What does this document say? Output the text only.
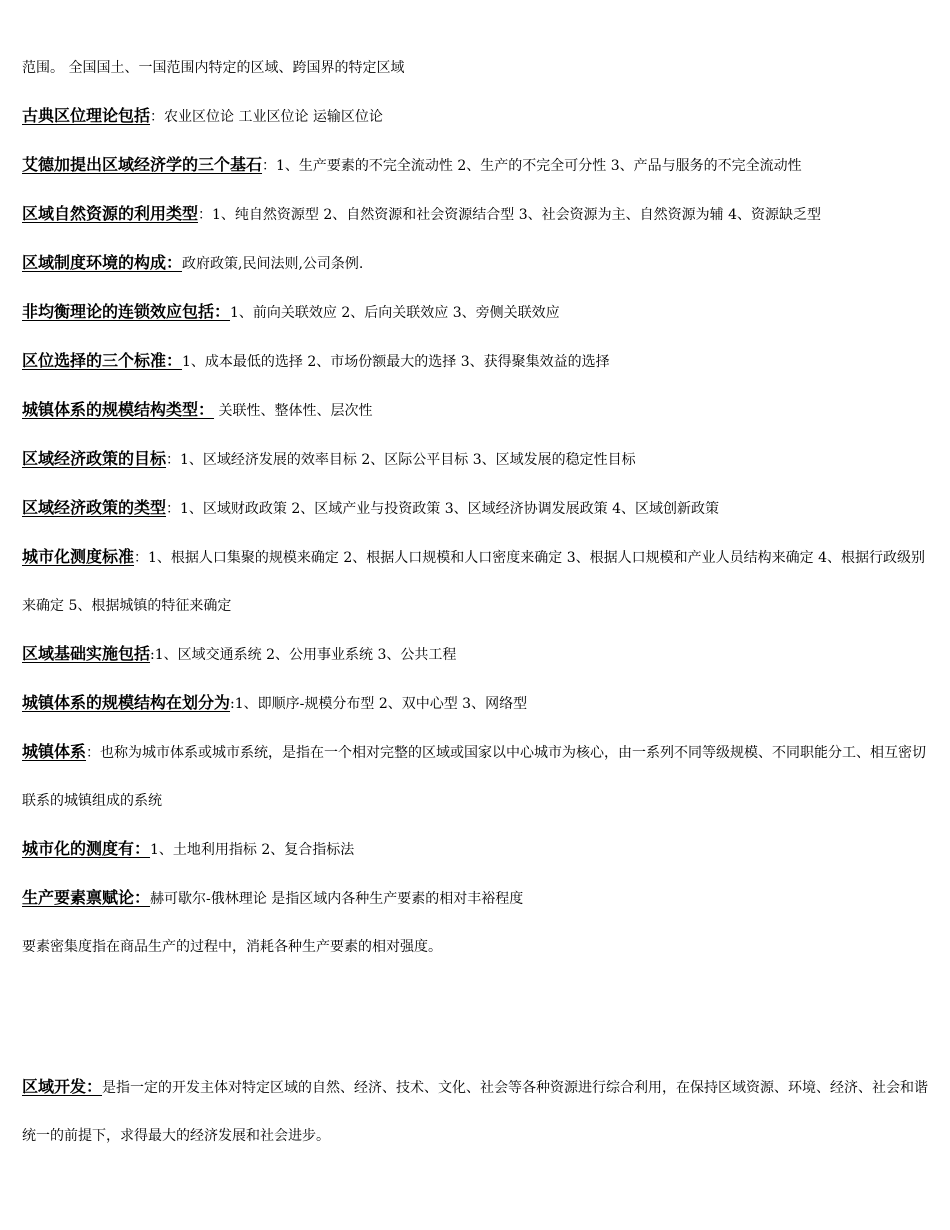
范围。 全国国土、一国范围内特定的区域、跨国界的特定区域

古典区位理论包括：农业区位论 工业区位论 运输区位论

艾德加提出区域经济学的三个基石：1、生产要素的不完全流动性 2、生产的不完全可分性 3、产品与服务的不完全流动性

区域自然资源的利用类型：1、纯自然资源型 2、自然资源和社会资源结合型 3、社会资源为主、自然资源为辅 4、资源缺乏型

区域制度环境的构成：政府政策,民间法则,公司条例.

非均衡理论的连锁效应包括：1、前向关联效应 2、后向关联效应 3、旁侧关联效应

区位选择的三个标准：1、成本最低的选择 2、市场份额最大的选择 3、获得聚集效益的选择

城镇体系的规模结构类型： 关联性、整体性、层次性

区域经济政策的目标：1、区域经济发展的效率目标 2、区际公平目标 3、区域发展的稳定性目标

区域经济政策的类型：1、区域财政政策 2、区域产业与投资政策 3、区域经济协调发展政策 4、区域创新政策

城市化测度标准：1、根据人口集聚的规模来确定 2、根据人口规模和人口密度来确定 3、根据人口规模和产业人员结构来确定 4、根据行政级别来确定 5、根据城镇的特征来确定

区域基础实施包括:1、区域交通系统 2、公用事业系统 3、公共工程

城镇体系的规模结构在划分为:1、即顺序-规模分布型 2、双中心型 3、网络型

城镇体系：也称为城市体系或城市系统，是指在一个相对完整的区域或国家以中心城市为核心，由一系列不同等级规模、不同职能分工、相互密切联系的城镇组成的系统

城市化的测度有：1、土地利用指标 2、复合指标法

生产要素禀赋论：赫可歇尔-俄林理论 是指区域内各种生产要素的相对丰裕程度

要素密集度指在商品生产的过程中，消耗各种生产要素的相对强度。

区域开发：是指一定的开发主体对特定区域的自然、经济、技术、文化、社会等各种资源进行综合利用，在保持区域资源、环境、经济、社会和谐统一的前提下，求得最大的经济发展和社会进步。
